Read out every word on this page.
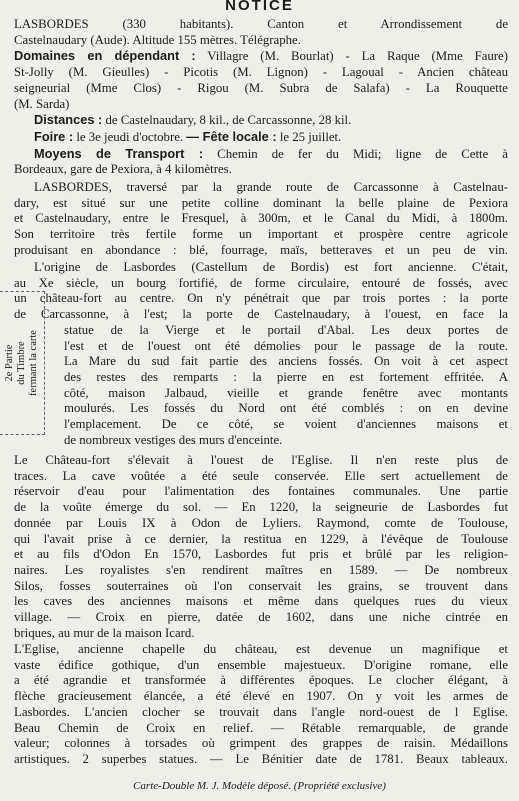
NOTICE
LASBORDES (330 habitants). Canton et Arrondissement de
Castelnaudary (Aude). Altitude 155 mètres. Télégraphe.
Domaines en dépendant : Villagre (M. Bourlat) - La Raque (Mme Faure)
St-Jolly (M. Gieulles) - Picotis (M. Lignon) - Lagoual - Ancien château
seigneurial (Mme Clos) - Rigou (M. Subra de Salafa) - La Rouquette
(M. Sarda)
Distances : de Castelnaudary, 8 kil., de Carcassonne, 28 kil.
Foire : le 3e jeudi d'octobre. — Fête locale : le 25 juillet.
Moyens de Transport : Chemin de fer du Midi; ligne de Cette à
Bordeaux, gare de Pexiora, à 4 kilomètres.
LASBORDES, traversé par la grande route de Carcassonne à Castelnau-
dary, est situé sur une petite colline dominant la belle plaine de Pexiora
et Castelnaudary, entre le Fresquel, à 300m, et le Canal du Midi, à 1800m.
Son territoire très fertile forme un important et prospère centre agricole
produisant en abondance : blé, fourrage, maïs, betteraves et un peu de vin.
L'origine de Lasbordes (Castellum de Bordis) est fort ancienne. C'était,
au Xe siècle, un bourg fortifié, de forme circulaire, entouré de fossés, avec
un château-fort au centre. On n'y pénétrait que par trois portes : la porte
de Carcassonne, à l'est; la porte de Castelnaudary, à l'ouest, en face la
statue de la Vierge et le portail d'Abal. Les deux portes de
l'est et de l'ouest ont été démolies pour le passage de la route.
La Mare du sud fait partie des anciens fossés. On voit à cet aspect
des restes des remparts : la pierre en est fortement effritée. A
côté, maison Jalbaud, vieille et grande fenêtre avec montants
moulurés. Les fossés du Nord ont été comblés : on en devine
l'emplacement. De ce côté, se voient d'anciennes maisons et
de nombreux vestiges des murs d'enceinte.
2e Partie du Timbre fermant la carte
Le Château-fort s'élevait à l'ouest de l'Eglise. Il n'en reste plus de
traces. La cave voûtée a été seule conservée. Elle sert actuellement de
réservoir d'eau pour l'alimentation des fontaines communales. Une partie
de la voûte émerge du sol. — En 1220, la seigneurie de Lasbordes fut
donnée par Louis IX à Odon de Lyliers. Raymond, comte de Toulouse,
qui l'avait prise à ce dernier, la restitua en 1229, à l'évêque de Toulouse
et au fils d'Odon En 1570, Lasbordes fut pris et brûlé par les religion-
naires. Les royalistes s'en rendirent maîtres en 1589. — De nombreux
Silos, fosses souterraines où l'on conservait les grains, se trouvent dans
les caves des anciennes maisons et même dans quelques rues du vieux
village. — Croix en pierre, datée de 1602, dans une niche cintrée en
briques, au mur de la maison Icard.
L'Eglise, ancienne chapelle du château, est devenue un magnifique et
vaste édifice gothique, d'un ensemble majestueux. D'origine romane, elle
a été agrandie et transformée à différentes époques. Le clocher élégant, à
flèche gracieusement élancée, a été élevé en 1907. On y voit les armes de
Lasbordes. L'ancien clocher se trouvait dans l'angle nord-ouest de l Eglise.
Beau Chemin de Croix en relief. — Rétable remarquable, de grande
valeur; colonnes à torsades où grimpent des grappes de raisin. Médaillons
artistiques. 2 superbes statues. — Le Bénitier date de 1781. Beaux tableaux.
Carte-Double M. J. Modèle déposé. (Propriété exclusive)
